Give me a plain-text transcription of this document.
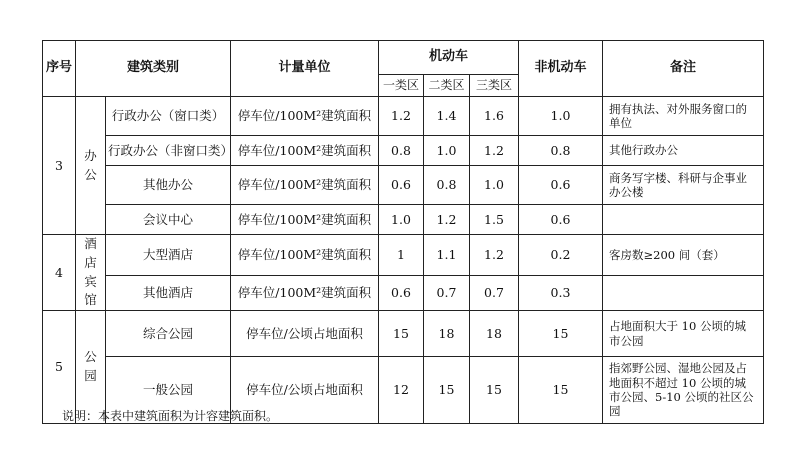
序号	建筑类别		计量单位	机动车			非机动车	备注
				一类区	二类区	三类区		
3	办公	行政办公（窗口类）	停车位/100M²建筑面积	1.2	1.4	1.6	1.0	拥有执法、对外服务窗口的单位
		行政办公（非窗口类）	停车位/100M²建筑面积	0.8	1.0	1.2	0.8	其他行政办公
		其他办公	停车位/100M²建筑面积	0.6	0.8	1.0	0.6	商务写字楼、科研与企事业办公楼
		会议中心	停车位/100M²建筑面积	1.0	1.2	1.5	0.6	
4	酒店宾馆	大型酒店	停车位/100M²建筑面积	1	1.1	1.2	0.2	客房数≥200 间（套）
		其他酒店	停车位/100M²建筑面积	0.6	0.7	0.7	0.3	
5	公园	综合公园	停车位/公顷占地面积	15	18	18	15	占地面积大于 10 公顷的城市公园
		一般公园	停车位/公顷占地面积	12	15	15	15	指郊野公园、湿地公园及占地面积不超过 10 公顷的城市公园、5-10 公顷的社区公园
说明：本表中建筑面积为计容建筑面积。
